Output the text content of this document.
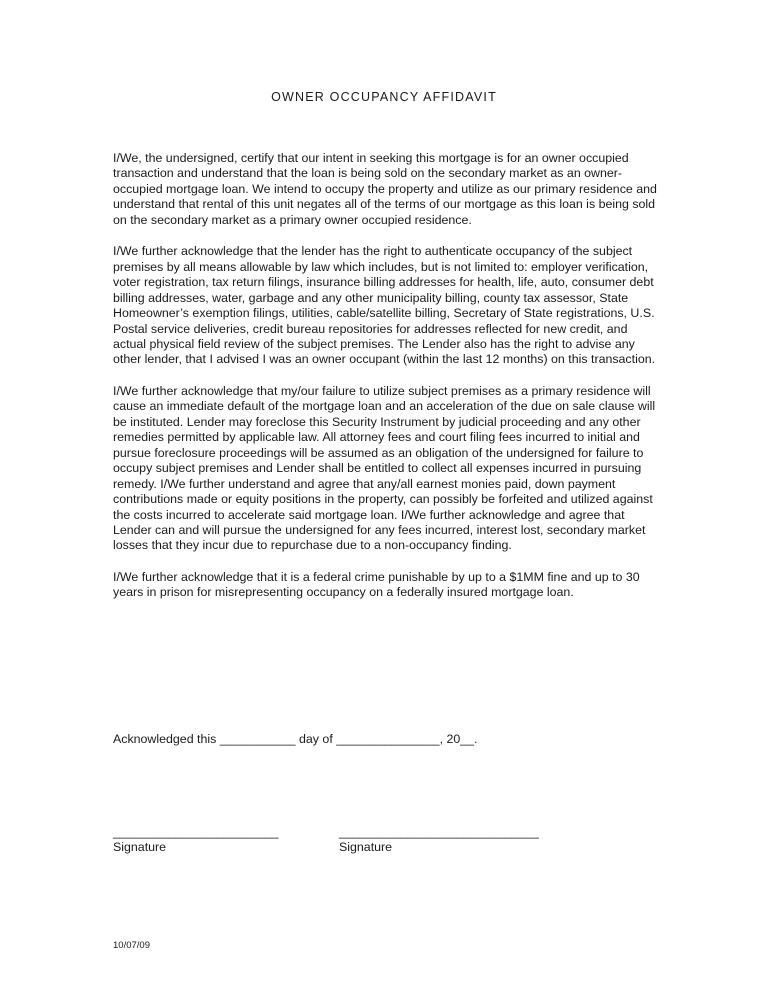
OWNER OCCUPANCY AFFIDAVIT

I/We, the undersigned, certify that our intent in seeking this mortgage is for an owner occupied transaction and understand that the loan is being sold on the secondary market as an owner-occupied mortgage loan. We intend to occupy the property and utilize as our primary residence and understand that rental of this unit negates all of the terms of our mortgage as this loan is being sold on the secondary market as a primary owner occupied residence.

I/We further acknowledge that the lender has the right to authenticate occupancy of the subject premises by all means allowable by law which includes, but is not limited to: employer verification, voter registration, tax return filings, insurance billing addresses for health, life, auto, consumer debt billing addresses, water, garbage and any other municipality billing, county tax assessor, State Homeowner’s exemption filings, utilities, cable/satellite billing, Secretary of State registrations, U.S. Postal service deliveries, credit bureau repositories for addresses reflected for new credit, and actual physical field review of the subject premises. The Lender also has the right to advise any other lender, that I advised I was an owner occupant (within the last 12 months) on this transaction.

I/We further acknowledge that my/our failure to utilize subject premises as a primary residence will cause an immediate default of the mortgage loan and an acceleration of the due on sale clause will be instituted. Lender may foreclose this Security Instrument by judicial proceeding and any other remedies permitted by applicable law. All attorney fees and court filing fees incurred to initial and pursue foreclosure proceedings will be assumed as an obligation of the undersigned for failure to occupy subject premises and Lender shall be entitled to collect all expenses incurred in pursuing remedy. I/We further understand and agree that any/all earnest monies paid, down payment contributions made or equity positions in the property, can possibly be forfeited and utilized against the costs incurred to accelerate said mortgage loan. I/We further acknowledge and agree that Lender can and will pursue the undersigned for any fees incurred, interest lost, secondary market losses that they incur due to repurchase due to a non-occupancy finding.

I/We further acknowledge that it is a federal crime punishable by up to a $1MM fine and up to 30 years in prison for misrepresenting occupancy on a federally insured mortgage loan.

Acknowledged this ___________ day of _______________, 20__.
________________________	_____________________________
Signature	Signature
10/07/09
